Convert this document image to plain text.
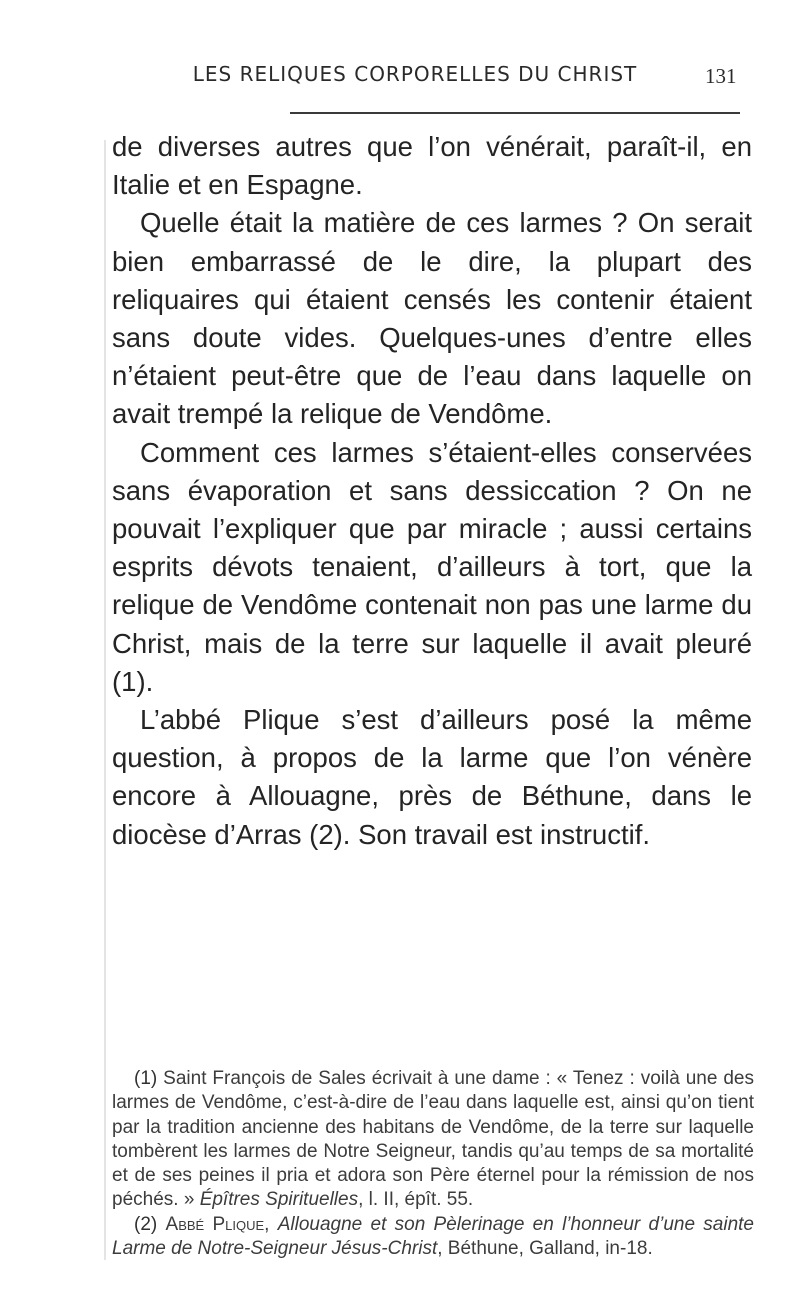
LES RELIQUES CORPORELLES DU CHRIST	131

de diverses autres que l’on vénérait, paraît-il, en Italie et en Espagne.

Quelle était la matière de ces larmes ? On serait bien embarrassé de le dire, la plupart des reliquaires qui étaient censés les contenir étaient sans doute vides. Quelques-unes d’entre elles n’étaient peut-être que de l’eau dans laquelle on avait trempé la relique de Vendôme.

Comment ces larmes s’étaient-elles conservées sans évaporation et sans dessiccation ? On ne pouvait l’expliquer que par miracle ; aussi certains esprits dévots tenaient, d’ailleurs à tort, que la relique de Vendôme contenait non pas une larme du Christ, mais de la terre sur laquelle il avait pleuré (1).

L’abbé Plique s’est d’ailleurs posé la même question, à propos de la larme que l’on vénère encore à Allouagne, près de Béthune, dans le diocèse d’Arras (2). Son travail est instructif.

(1) Saint François de Sales écrivait à une dame : « Tenez : voilà une des larmes de Vendôme, c’est-à-dire de l’eau dans laquelle est, ainsi qu’on tient par la tradition ancienne des habitans de Vendôme, de la terre sur laquelle tombèrent les larmes de Notre Seigneur, tandis qu’au temps de sa mortalité et de ses peines il pria et adora son Père éternel pour la rémission de nos péchés. » Épîtres Spirituelles, l. II, épît. 55.

(2) Abbé Plique, Allouagne et son Pèlerinage en l’honneur d’une sainte Larme de Notre-Seigneur Jésus-Christ, Béthune, Galland, in-18.
